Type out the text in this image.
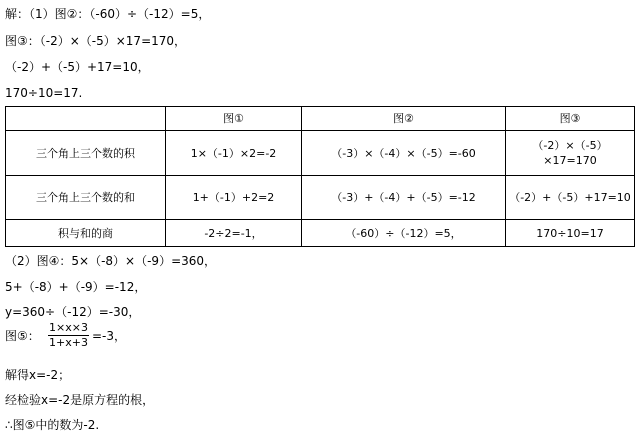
解：（1）图②：（-60）÷（-12）=5，
图③：（-2）×（-5）×17=170，
（-2）+（-5）+17=10，
170÷10=17.
	图①	图②	图③
三个角上三个数的积	1×（-1）×2=-2	（-3）×（-4）×（-5）=-60	（-2）×（-5）×17=170
三个角上三个数的和	1+（-1）+2=2	（-3）+（-4）+（-5）=-12	（-2）+（-5）+17=10
积与和的商	-2÷2=-1，	（-60）÷（-12）=5，	170÷10=17
（2）图④：5×（-8）×（-9）=360，
5+（-8）+（-9）=-12，
y=360÷（-12）=-30，
图⑤：
1×x×3
1+x+3 =-3，
解得x=-2；
经检验x=-2是原方程的根，
∴图⑤中的数为-2.
